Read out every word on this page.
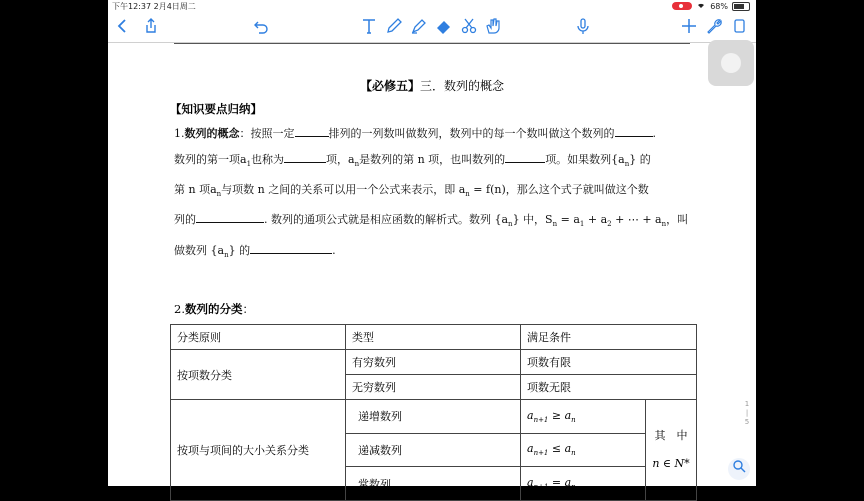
下午12:37 2月4日周二	68%
【必修五】三．数列的概念
【知识要点归纳】
1.数列的概念：按照一定	排列的一列数叫做数列，数列中的每一个数叫做这个数列的	.
数列的第一项$a_1$也称为	项，$a_n$是数列的第 n 项，也叫数列的	项。如果数列$\{a_n\}$ 的
第 n 项$a_n$与项数 n 之间的关系可以用一个公式来表示，即 $a_n = f(n)$，那么这个式子就叫做这个数
列的	. 数列的通项公式就是相应函数的解析式。数列 $\{a_n\}$ 中，$S_n = a_1 + a_2$ + ⋯ + $a_n$，叫
做数列 $\{a_n\}$ 的	.
2.数列的分类：
分类原则	类型	满足条件	
按项数分类	有穷数列	项数有限	
	无穷数列	项数无限	
按项与项间的大小关系分类	递增数列	$a_{n+1} \ge a_n$	其　中
n ∈ N*
	递减数列	$a_{n+1} \le a_n$
	常数列	$a_{n+1} = a_n$
1
|
5
